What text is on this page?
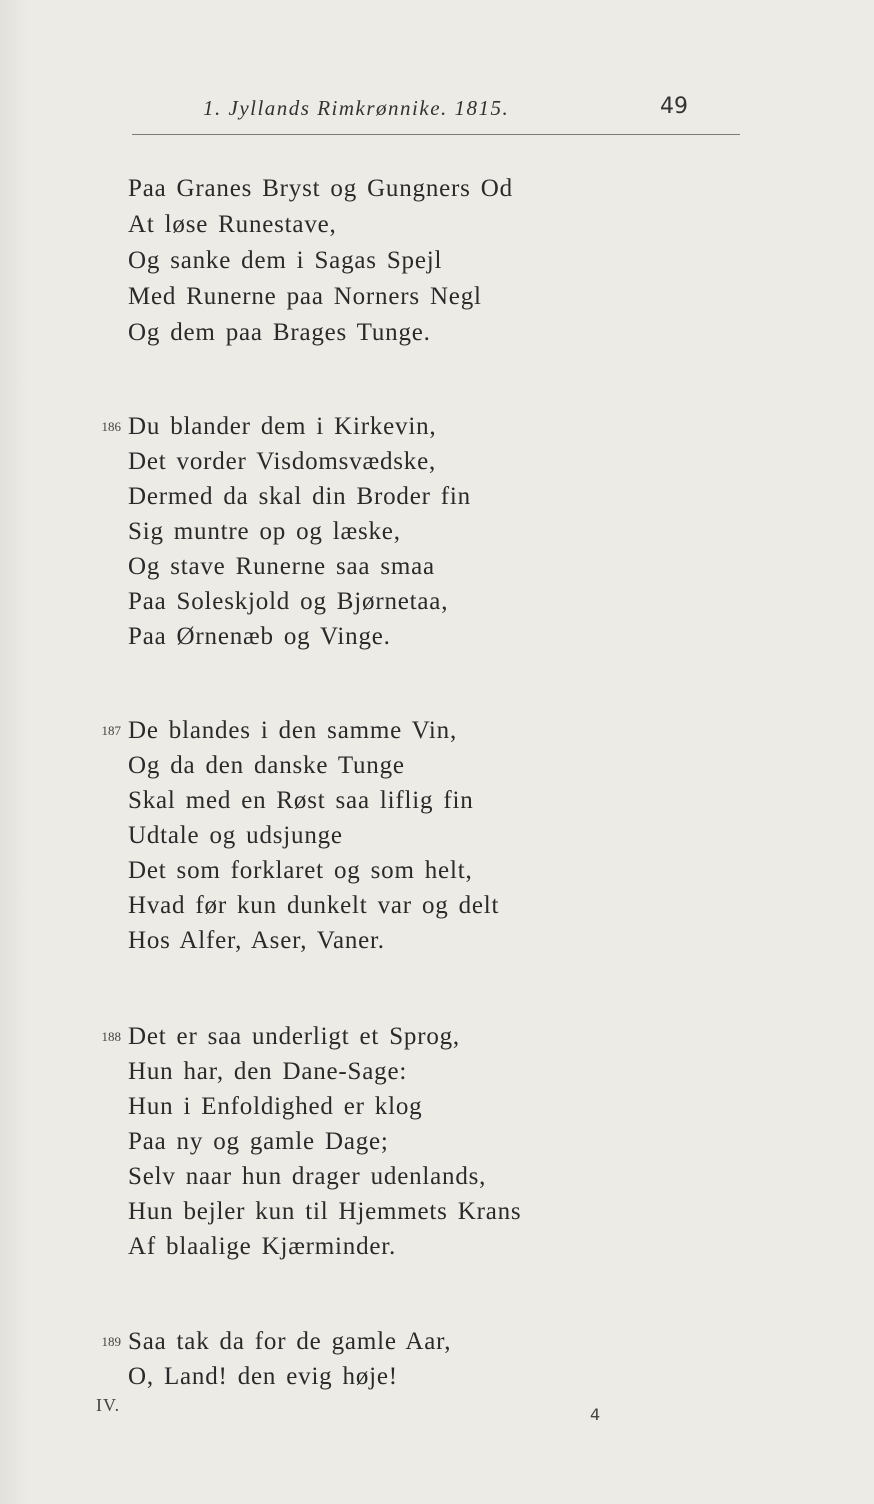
1. Jyllands Rimkrønnike. 1815.	49
Paa Granes Bryst og Gungners Od
At løse Runestave,
Og sanke dem i Sagas Spejl
Med Runerne paa Norners Negl
Og dem paa Brages Tunge.
186 Du blander dem i Kirkevin,
Det vorder Visdomsvædske,
Dermed da skal din Broder fin
Sig muntre op og læske,
Og stave Runerne saa smaa
Paa Soleskjold og Bjørnetaa,
Paa Ørnenæb og Vinge.
187 De blandes i den samme Vin,
Og da den danske Tunge
Skal med en Røst saa liflig fin
Udtale og udsjunge
Det som forklaret og som helt,
Hvad før kun dunkelt var og delt
Hos Alfer, Aser, Vaner.
188 Det er saa underligt et Sprog,
Hun har, den Dane-Sage:
Hun i Enfoldighed er klog
Paa ny og gamle Dage;
Selv naar hun drager udenlands,
Hun bejler kun til Hjemmets Krans
Af blaalige Kjærminder.
189 Saa tak da for de gamle Aar,
O, Land! den evig høje!
IV.	4
